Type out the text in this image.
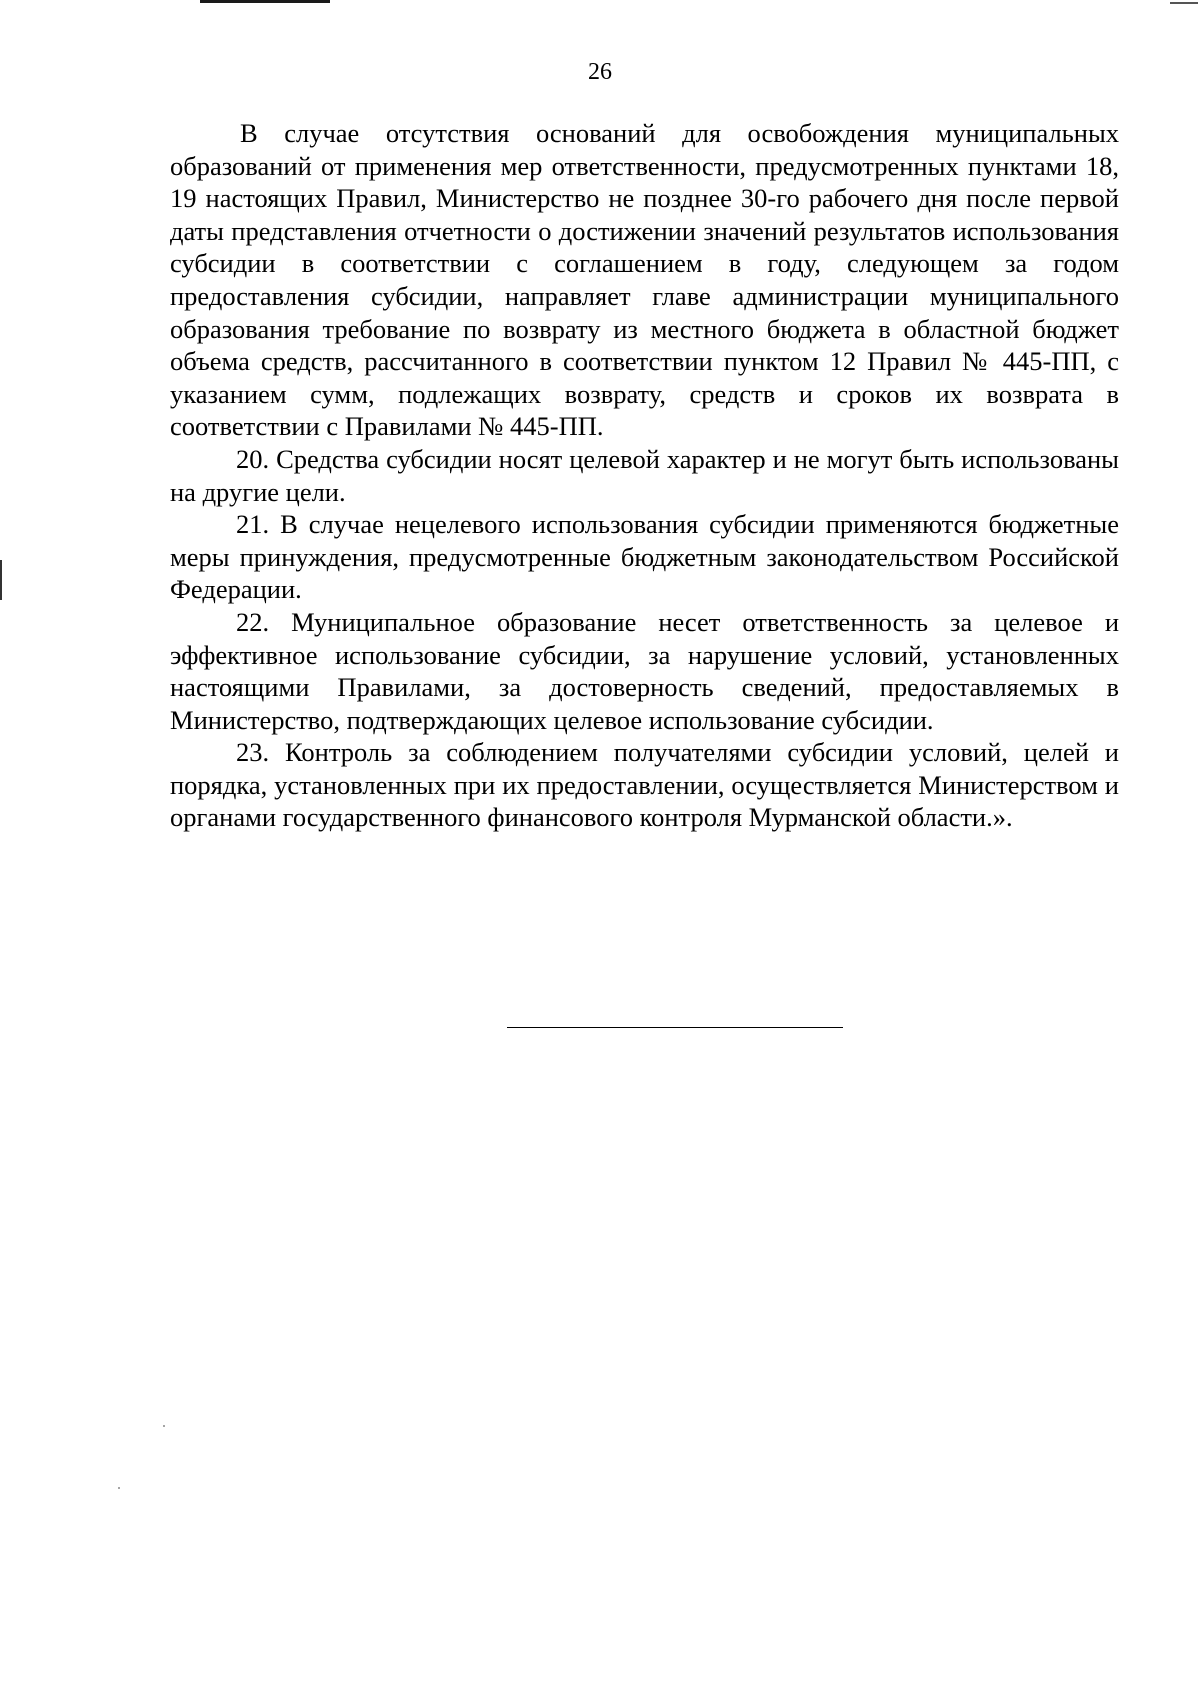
26

В случае отсутствия оснований для освобождения муниципальных образований от применения мер ответственности, предусмотренных пунктами 18, 19 настоящих Правил, Министерство не позднее 30-го рабочего дня после первой даты представления отчетности о достижении значений результатов использования субсидии в соответствии с соглашением в году, следующем за годом предоставления субсидии, направляет главе администрации муниципального образования требование по возврату из местного бюджета в областной бюджет объема средств, рассчитанного в соответствии пунктом 12 Правил № 445-ПП, с указанием сумм, подлежащих возврату, средств и сроков их возврата в соответствии с Правилами № 445-ПП.

20. Средства субсидии носят целевой характер и не могут быть использованы на другие цели.

21. В случае нецелевого использования субсидии применяются бюджетные меры принуждения, предусмотренные бюджетным законодательством Российской Федерации.

22. Муниципальное образование несет ответственность за целевое и эффективное использование субсидии, за нарушение условий, установленных настоящими Правилами, за достоверность сведений, предоставляемых в Министерство, подтверждающих целевое использование субсидии.

23. Контроль за соблюдением получателями субсидии условий, целей и порядка, установленных при их предоставлении, осуществляется Министерством и органами государственного финансового контроля Мурманской области.».
